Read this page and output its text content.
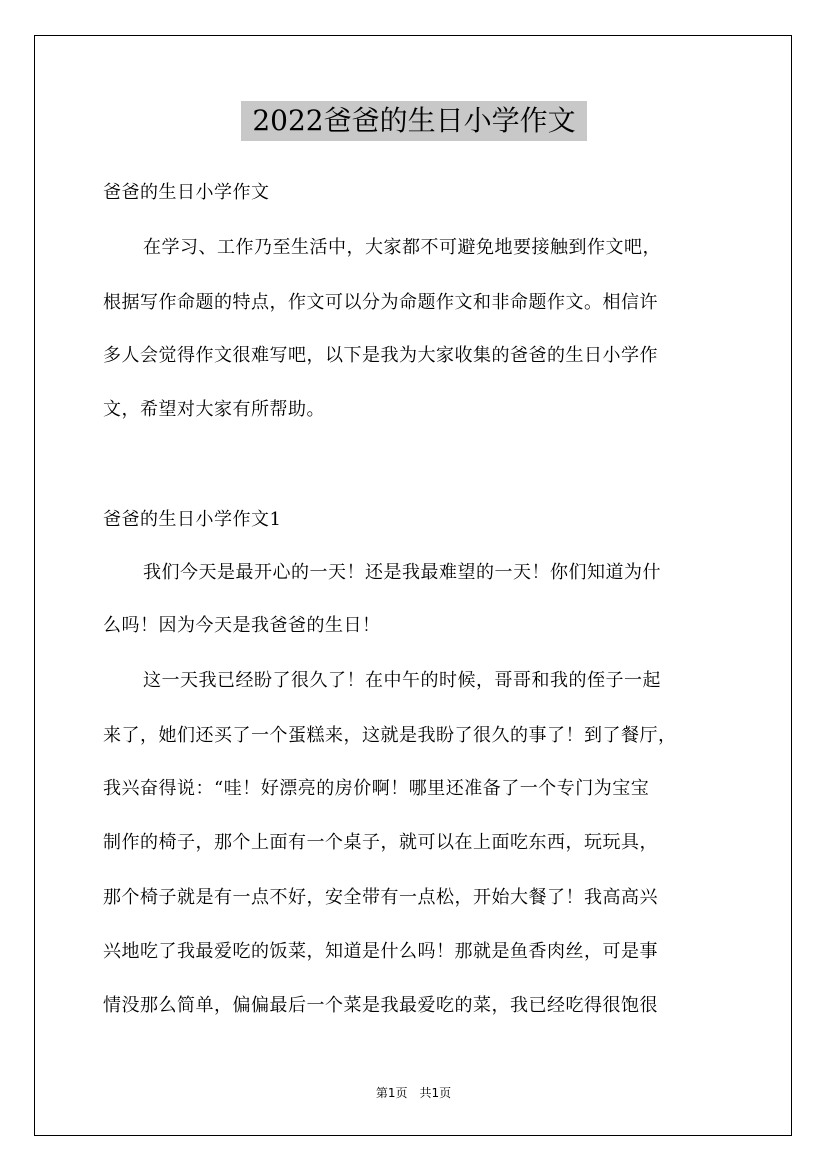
2022爸爸的生日小学作文
爸爸的生日小学作文
在学习、工作乃至生活中，大家都不可避免地要接触到作文吧，
根据写作命题的特点，作文可以分为命题作文和非命题作文。相信许
多人会觉得作文很难写吧，以下是我为大家收集的爸爸的生日小学作
文，希望对大家有所帮助。
爸爸的生日小学作文1
我们今天是最开心的一天！还是我最难望的一天！你们知道为什
么吗！因为今天是我爸爸的生日！
这一天我已经盼了很久了！在中午的时候，哥哥和我的侄子一起
来了，她们还买了一个蛋糕来，这就是我盼了很久的事了！到了餐厅，
我兴奋得说：“哇！好漂亮的房价啊！哪里还准备了一个专门为宝宝
制作的椅子，那个上面有一个桌子，就可以在上面吃东西，玩玩具，
那个椅子就是有一点不好，安全带有一点松，开始大餐了！我高高兴
兴地吃了我最爱吃的饭菜，知道是什么吗！那就是鱼香肉丝，可是事
情没那么简单，偏偏最后一个菜是我最爱吃的菜，我已经吃得很饱很
第1页 共1页
